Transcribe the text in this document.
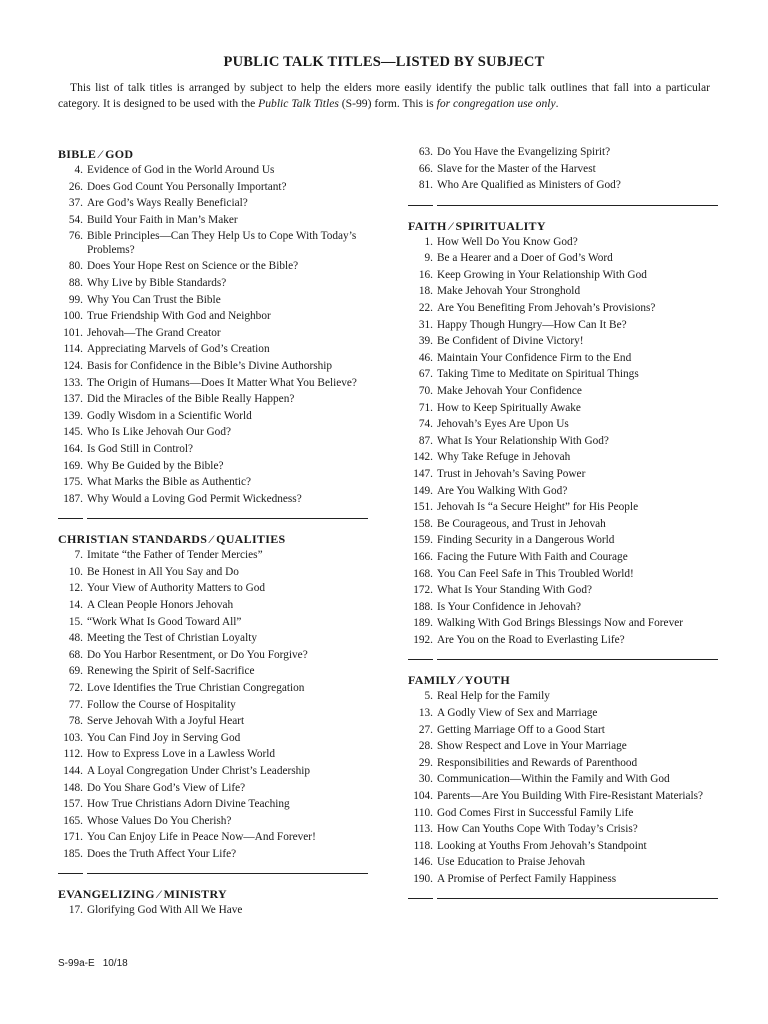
PUBLIC TALK TITLES—LISTED BY SUBJECT
This list of talk titles is arranged by subject to help the elders more easily identify the public talk outlines that fall into a particular category. It is designed to be used with the Public Talk Titles (S-99) form. This is for congregation use only.
BIBLE ⁄ GOD
4. Evidence of God in the World Around Us
26. Does God Count You Personally Important?
37. Are God’s Ways Really Beneficial?
54. Build Your Faith in Man’s Maker
76. Bible Principles—Can They Help Us to Cope With Today’s Problems?
80. Does Your Hope Rest on Science or the Bible?
88. Why Live by Bible Standards?
99. Why You Can Trust the Bible
100. True Friendship With God and Neighbor
101. Jehovah—The Grand Creator
114. Appreciating Marvels of God’s Creation
124. Basis for Confidence in the Bible’s Divine Authorship
133. The Origin of Humans—Does It Matter What You Believe?
137. Did the Miracles of the Bible Really Happen?
139. Godly Wisdom in a Scientific World
145. Who Is Like Jehovah Our God?
164. Is God Still in Control?
169. Why Be Guided by the Bible?
175. What Marks the Bible as Authentic?
187. Why Would a Loving God Permit Wickedness?
CHRISTIAN STANDARDS ⁄ QUALITIES
7. Imitate “the Father of Tender Mercies”
10. Be Honest in All You Say and Do
12. Your View of Authority Matters to God
14. A Clean People Honors Jehovah
15. “Work What Is Good Toward All”
48. Meeting the Test of Christian Loyalty
68. Do You Harbor Resentment, or Do You Forgive?
69. Renewing the Spirit of Self-Sacrifice
72. Love Identifies the True Christian Congregation
77. Follow the Course of Hospitality
78. Serve Jehovah With a Joyful Heart
103. You Can Find Joy in Serving God
112. How to Express Love in a Lawless World
144. A Loyal Congregation Under Christ’s Leadership
148. Do You Share God’s View of Life?
157. How True Christians Adorn Divine Teaching
165. Whose Values Do You Cherish?
171. You Can Enjoy Life in Peace Now—And Forever!
185. Does the Truth Affect Your Life?
EVANGELIZING ⁄ MINISTRY
17. Glorifying God With All We Have
63. Do You Have the Evangelizing Spirit?
66. Slave for the Master of the Harvest
81. Who Are Qualified as Ministers of God?
FAITH ⁄ SPIRITUALITY
1. How Well Do You Know God?
9. Be a Hearer and a Doer of God’s Word
16. Keep Growing in Your Relationship With God
18. Make Jehovah Your Stronghold
22. Are You Benefiting From Jehovah’s Provisions?
31. Happy Though Hungry—How Can It Be?
39. Be Confident of Divine Victory!
46. Maintain Your Confidence Firm to the End
67. Taking Time to Meditate on Spiritual Things
70. Make Jehovah Your Confidence
71. How to Keep Spiritually Awake
74. Jehovah’s Eyes Are Upon Us
87. What Is Your Relationship With God?
142. Why Take Refuge in Jehovah
147. Trust in Jehovah’s Saving Power
149. Are You Walking With God?
151. Jehovah Is “a Secure Height” for His People
158. Be Courageous, and Trust in Jehovah
159. Finding Security in a Dangerous World
166. Facing the Future With Faith and Courage
168. You Can Feel Safe in This Troubled World!
172. What Is Your Standing With God?
188. Is Your Confidence in Jehovah?
189. Walking With God Brings Blessings Now and Forever
192. Are You on the Road to Everlasting Life?
FAMILY ⁄ YOUTH
5. Real Help for the Family
13. A Godly View of Sex and Marriage
27. Getting Marriage Off to a Good Start
28. Show Respect and Love in Your Marriage
29. Responsibilities and Rewards of Parenthood
30. Communication—Within the Family and With God
104. Parents—Are You Building With Fire-Resistant Materials?
110. God Comes First in Successful Family Life
113. How Can Youths Cope With Today’s Crisis?
118. Looking at Youths From Jehovah’s Standpoint
146. Use Education to Praise Jehovah
190. A Promise of Perfect Family Happiness
S-99a-E 10/18
